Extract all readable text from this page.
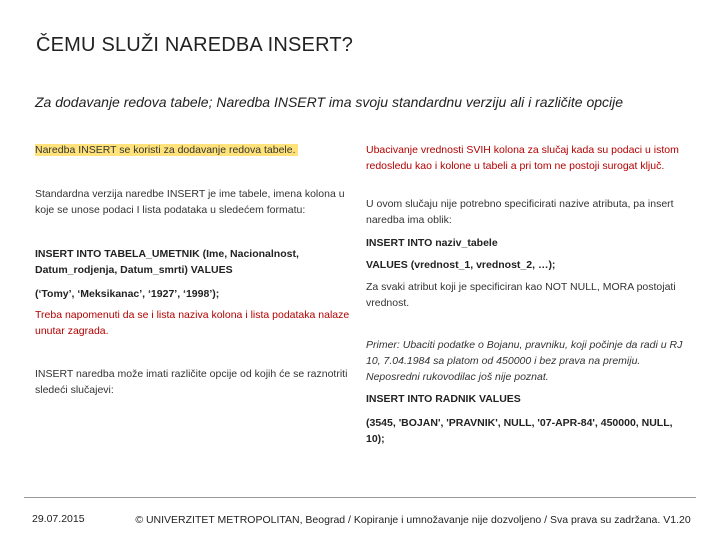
ČEMU SLUŽI NAREDBA INSERT?
Za dodavanje redova tabele; Naredba INSERT ima svoju standardnu verziju ali i različite opcije

Naredba INSERT se koristi za dodavanje redova tabele.

Standardna verzija naredbe INSERT je ime tabele, imena kolona u koje se unose podaci I lista podataka u sledećem formatu:

INSERT INTO TABELA_UMETNIK (Ime, Nacionalnost, Datum_rodjenja, Datum_smrti) VALUES

(‘Tomy’, ‘Meksikanac’, ‘1927’, ‘1998’);

Treba napomenuti da se i lista naziva kolona i lista podataka nalaze unutar zagrada.

INSERT naredba može imati različite opcije od kojih će se raznotriti sledeći slučajevi:

Ubacivanje vrednosti SVIH kolona za slučaj kada su podaci u istom redosledu kao i kolone u tabeli a pri tom ne postoji surogat ključ.

U ovom slučaju nije potrebno specificirati nazive atributa, pa insert naredba ima oblik:

INSERT INTO naziv_tabele

VALUES (vrednost_1, vrednost_2, …);

Za svaki atribut koji je specificiran kao NOT NULL, MORA postojati vrednost.

Primer: Ubaciti podatke o Bojanu, pravniku, koji počinje da radi u RJ 10, 7.04.1984 sa platom od 450000 i bez prava na premiju. Neposredni rukovodilac još nije poznat.

INSERT INTO RADNIK VALUES

(3545, 'BOJAN', 'PRAVNIK', NULL, '07-APR-84', 450000, NULL, 10);

29.07.2015	© UNIVERZITET METROPOLITAN, Beograd / Kopiranje i umnožavanje nije dozvoljeno / Sva prava su zadržana. V1.20
